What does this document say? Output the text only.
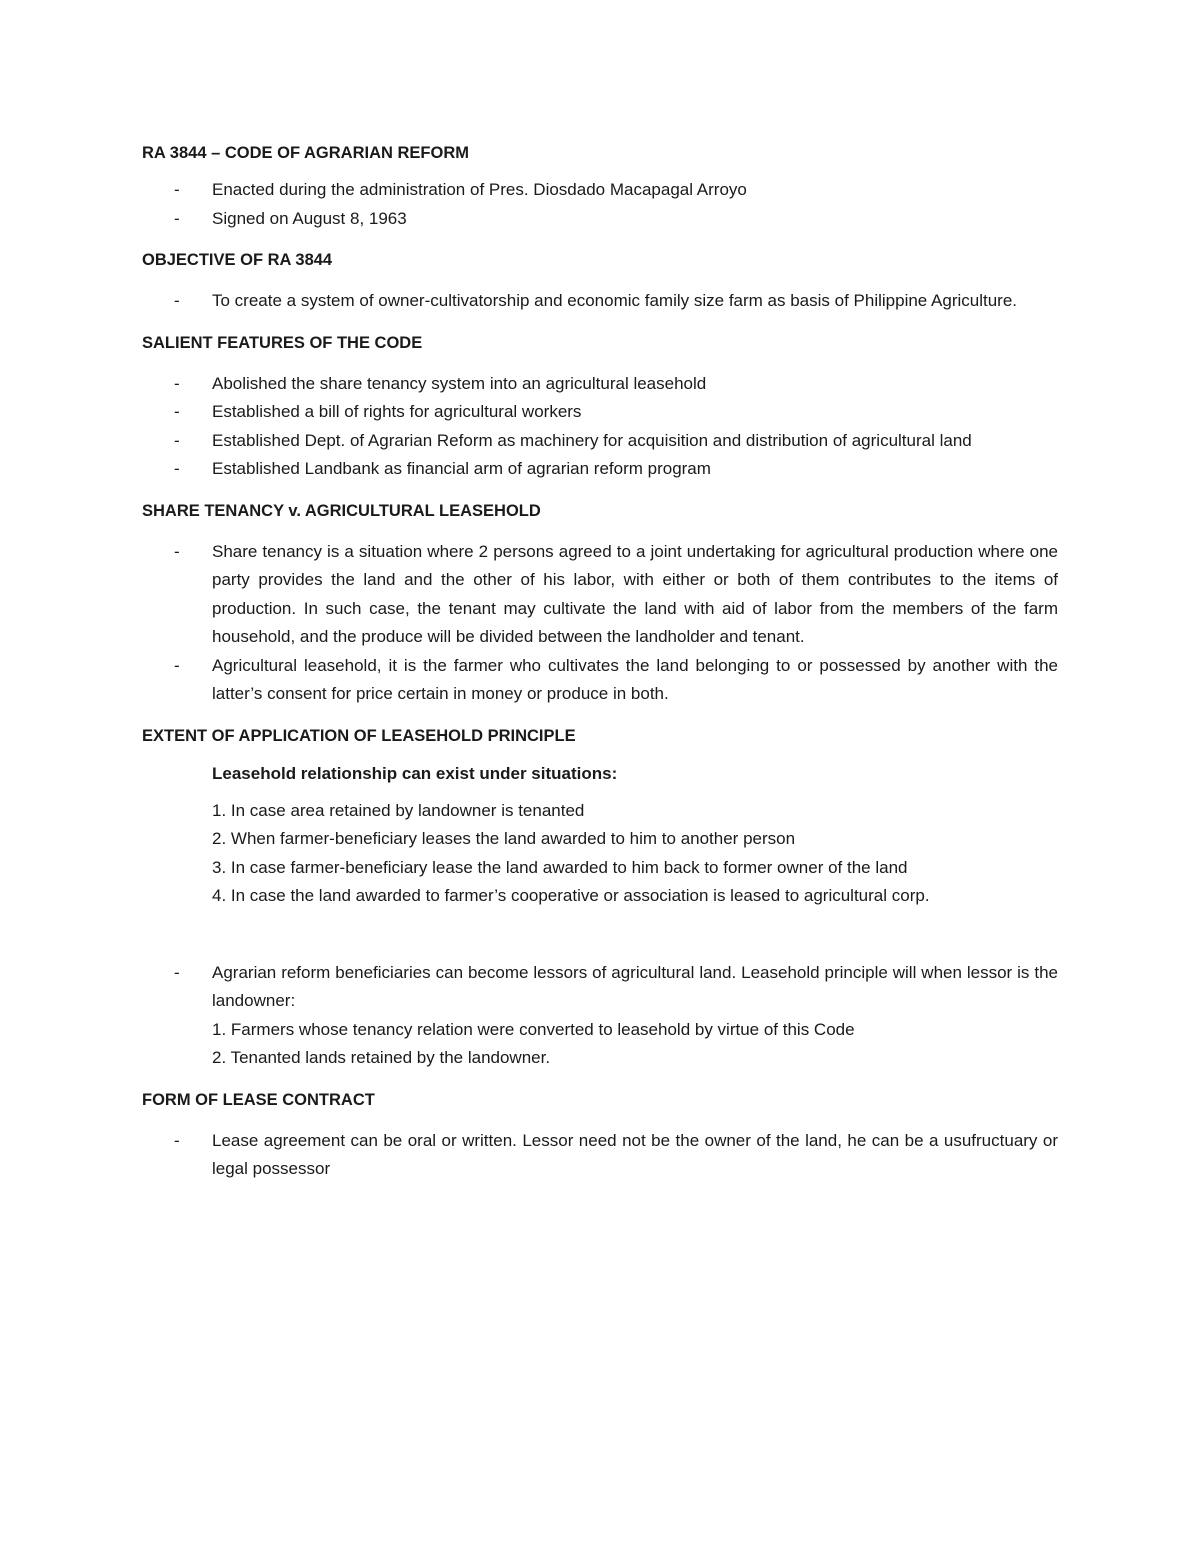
RA 3844 – CODE OF AGRARIAN REFORM

- Enacted during the administration of Pres. Diosdado Macapagal Arroyo
- Signed on August 8, 1963

OBJECTIVE OF RA 3844

- To create a system of owner-cultivatorship and economic family size farm as basis of Philippine Agriculture.

SALIENT FEATURES OF THE CODE

- Abolished the share tenancy system into an agricultural leasehold
- Established a bill of rights for agricultural workers
- Established Dept. of Agrarian Reform as machinery for acquisition and distribution of agricultural land
- Established Landbank as financial arm of agrarian reform program

SHARE TENANCY v. AGRICULTURAL LEASEHOLD

- Share tenancy is a situation where 2 persons agreed to a joint undertaking for agricultural production where one party provides the land and the other of his labor, with either or both of them contributes to the items of production. In such case, the tenant may cultivate the land with aid of labor from the members of the farm household, and the produce will be divided between the landholder and tenant.
- Agricultural leasehold, it is the farmer who cultivates the land belonging to or possessed by another with the latter’s consent for price certain in money or produce in both.

EXTENT OF APPLICATION OF LEASEHOLD PRINCIPLE

Leasehold relationship can exist under situations:

1. In case area retained by landowner is tenanted
2. When farmer-beneficiary leases the land awarded to him to another person
3. In case farmer-beneficiary lease the land awarded to him back to former owner of the land
4. In case the land awarded to farmer’s cooperative or association is leased to agricultural corp.
- Agrarian reform beneficiaries can become lessors of agricultural land. Leasehold principle will when lessor is the landowner:
1. Farmers whose tenancy relation were converted to leasehold by virtue of this Code
2. Tenanted lands retained by the landowner.

FORM OF LEASE CONTRACT

- Lease agreement can be oral or written. Lessor need not be the owner of the land, he can be a usufructuary or legal possessor
